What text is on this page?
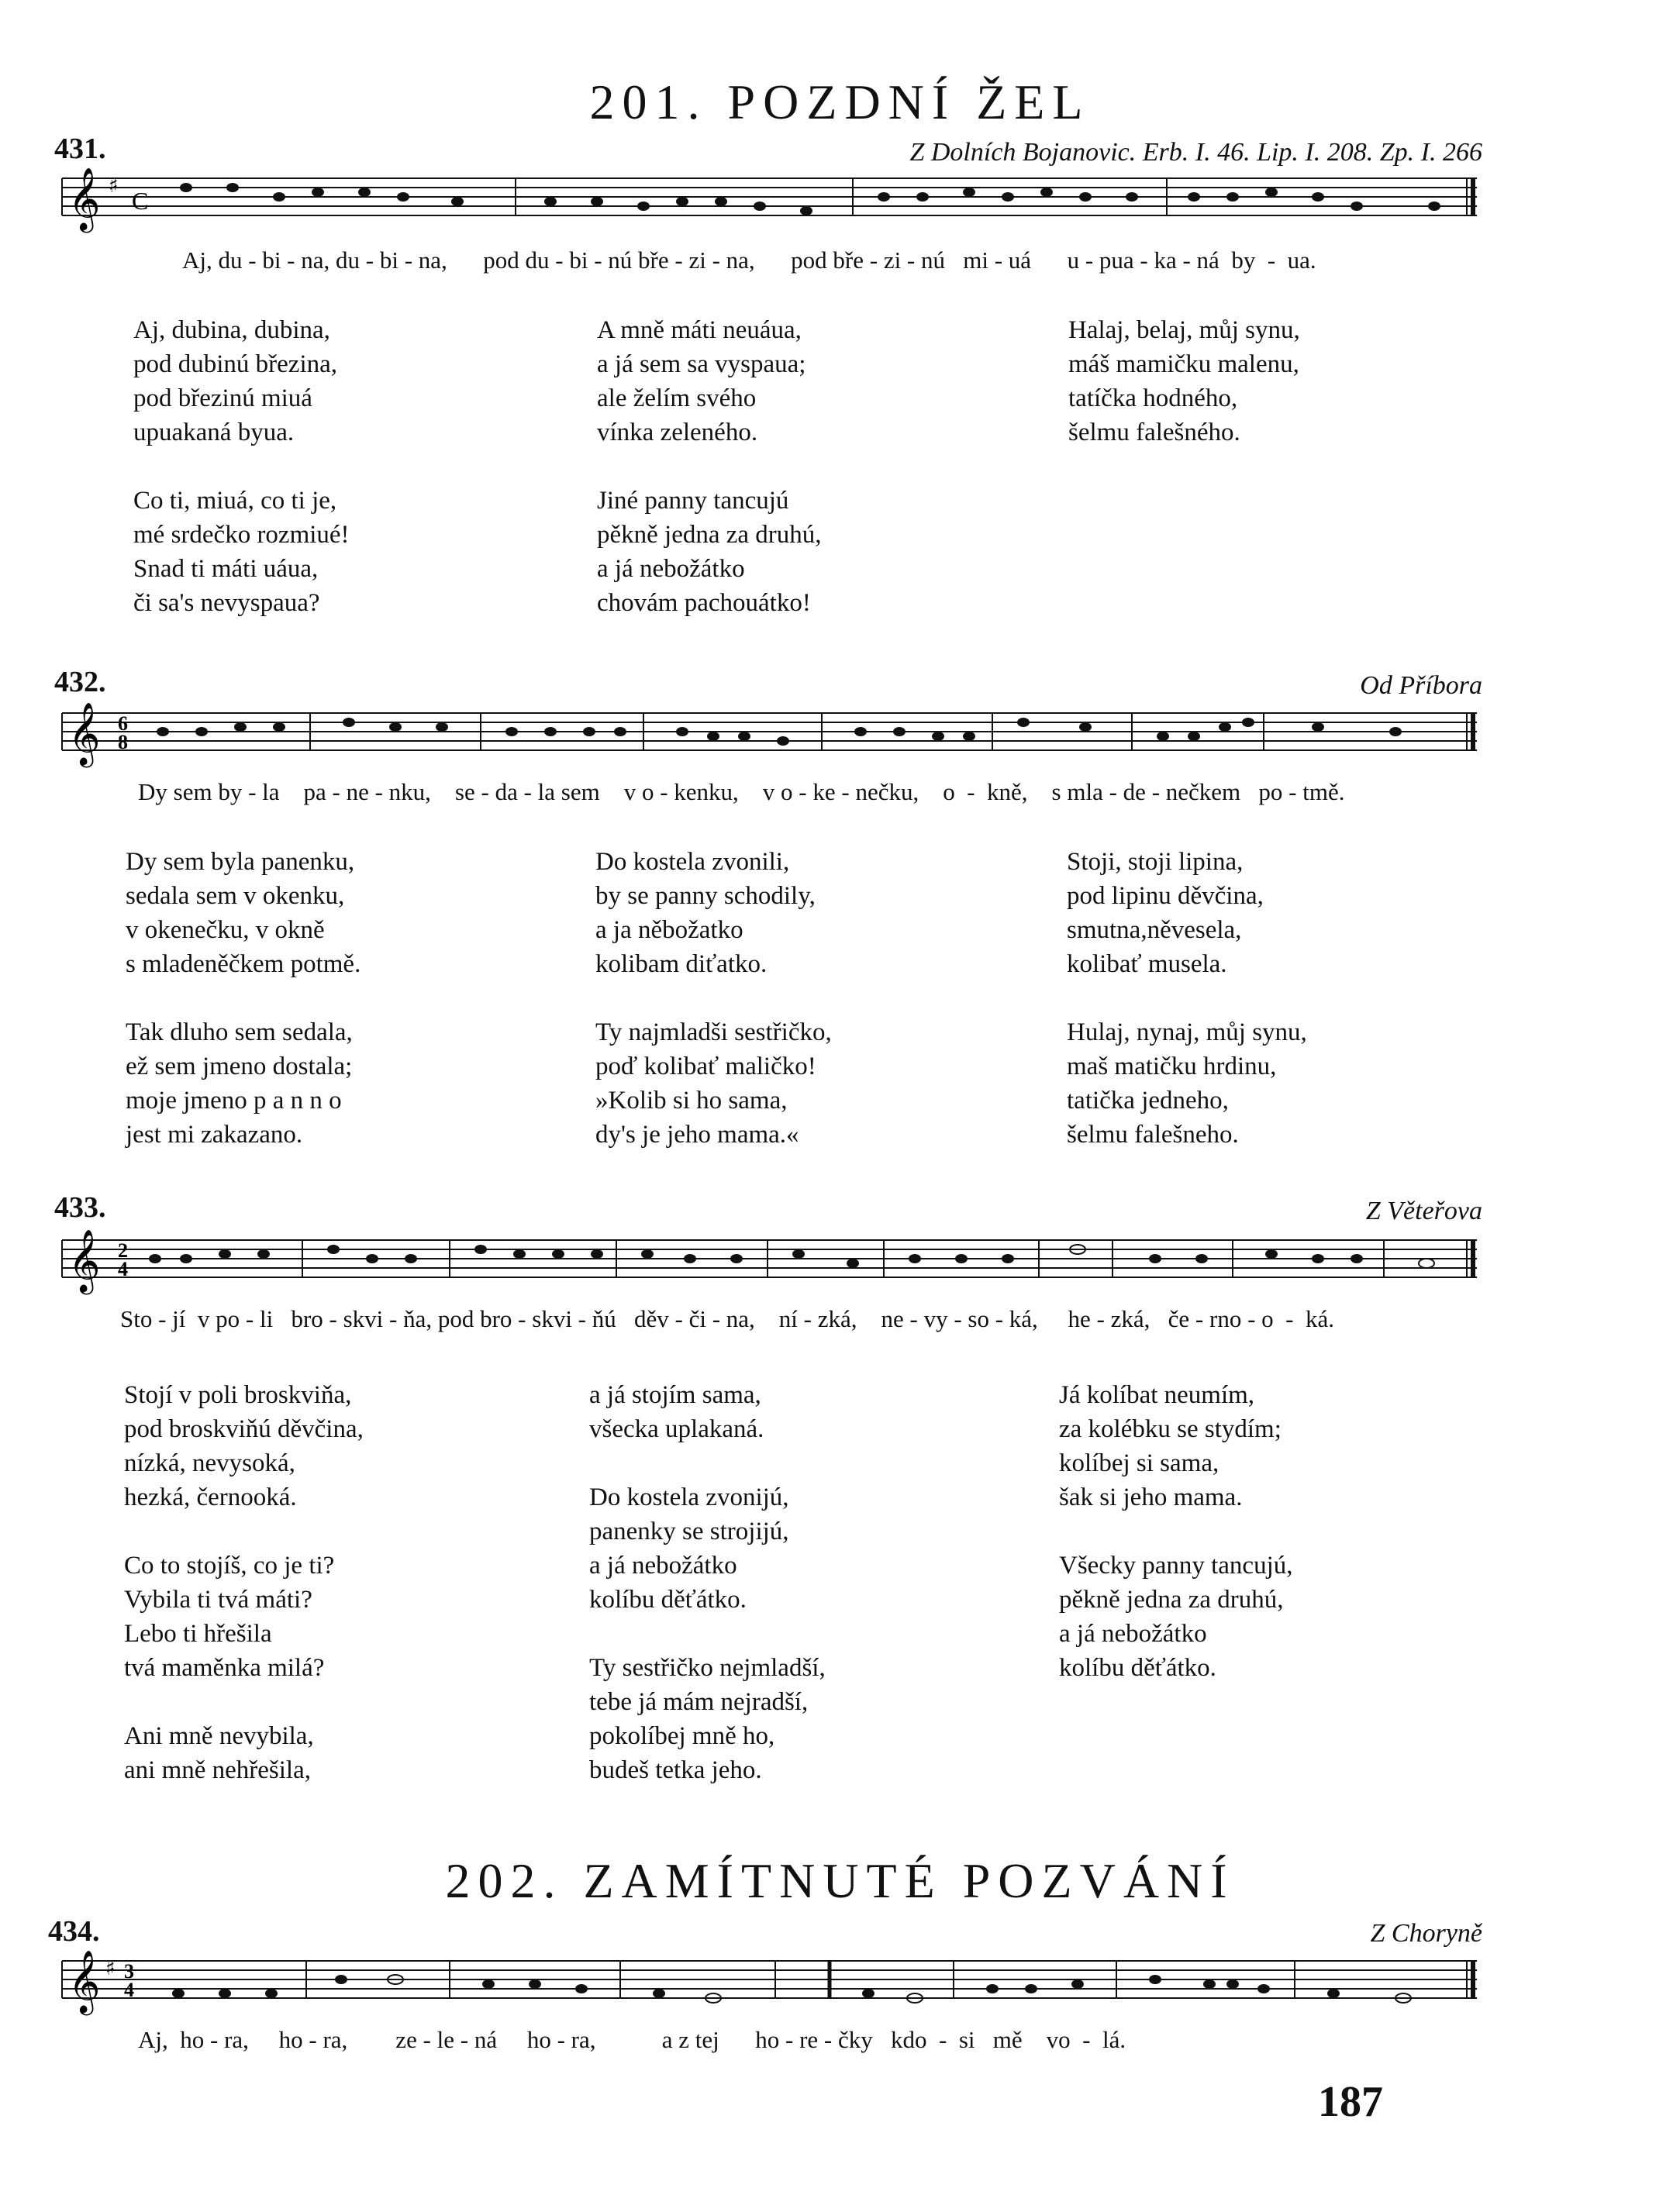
201. POZDNÍ ŽEL
431.	Z Dolních Bojanovic. Erb. I. 46. Lip. I. 208. Zp. I. 266
𝄞 ♯
C
Aj, du - bi - na, du - bi - na,      pod du - bi - nú bře - zi - na,      pod bře - zi - nú   mi - uá      u - pua - ka - ná  by  -  ua.
Aj, dubina, dubina,
pod dubinú březina,
pod březinú miuá
upuakaná byua.
A mně máti neuáua,
a já sem sa vyspaua;
ale želím svého
vínka zeleného.
Halaj, belaj, můj synu,
máš mamičku malenu,
tatíčka hodného,
šelmu falešného.
Co ti, miuá, co ti je,
mé srdečko rozmiué!
Snad ti máti uáua,
či sa's nevyspaua?
Jiné panny tancujú
pěkně jedna za druhú,
a já nebožátko
chovám pachouátko!
432.	Od Příbora
𝄞 6
8
Dy sem by - la    pa - ne - nku,    se - da - la sem    v o - kenku,    v o - ke - nečku,    o  -  kně,    s mla - de - nečkem   po - tmě.
Dy sem byla panenku,
sedala sem v okenku,
v okenečku, v okně
s mladeněčkem potmě.
Do kostela zvonili,
by se panny schodily,
a ja něbožatko
kolibam diťatko.
Stoji, stoji lipina,
pod lipinu děvčina,
smutna,něvesela,
kolibať musela.
Tak dluho sem sedala,
ež sem jmeno dostala;
moje jmeno p a n n o
jest mi zakazano.
Ty najmladši sestřičko,
poď kolibať maličko!
»Kolib si ho sama,
dy's je jeho mama.«
Hulaj, nynaj, můj synu,
maš matičku hrdinu,
tatička jedneho,
šelmu falešneho.
433.	Z Větеřova
𝄞 2
4
Sto - jí  v po - li   bro - skvi - ňa, pod bro - skvi - ňú   děv - či - na,    ní - zká,    ne - vy - so - ká,     he - zká,   če - rno - o  -  ká.
Stojí v poli broskviňa,
pod broskviňú děvčina,
nízká, nevysoká,
hezká, černooká.
Co to stojíš, co je ti?
Vybila ti tvá máti?
Lebo ti hřešila
tvá maměnka milá?
Ani mně nevybila,
ani mně nehřešila,
a já stojím sama,
všecka uplakaná.
Do kostela zvonijú,
panenky se strojijú,
a já nebožátko
kolíbu děťátko.
Ty sestřičko nejmladší,
tebe já mám nejradší,
pokolíbej mně ho,
budeš tetka jeho.
Já kolíbat neumím,
za kolébku se stydím;
kolíbej si sama,
šak si jeho mama.
Všecky panny tancujú,
pěkně jedna za druhú,
a já nebožátko
kolíbu děťátko.
202. ZAMÍTNUTÉ POZVÁNÍ
434.	Z Choryně
𝄞 ♯ 3
4
Aj,  ho - ra,     ho - ra,        ze - le - ná     ho - ra,           a z tej      ho - re - čky   kdo  -  si   mě    vo  -  lá.
187
